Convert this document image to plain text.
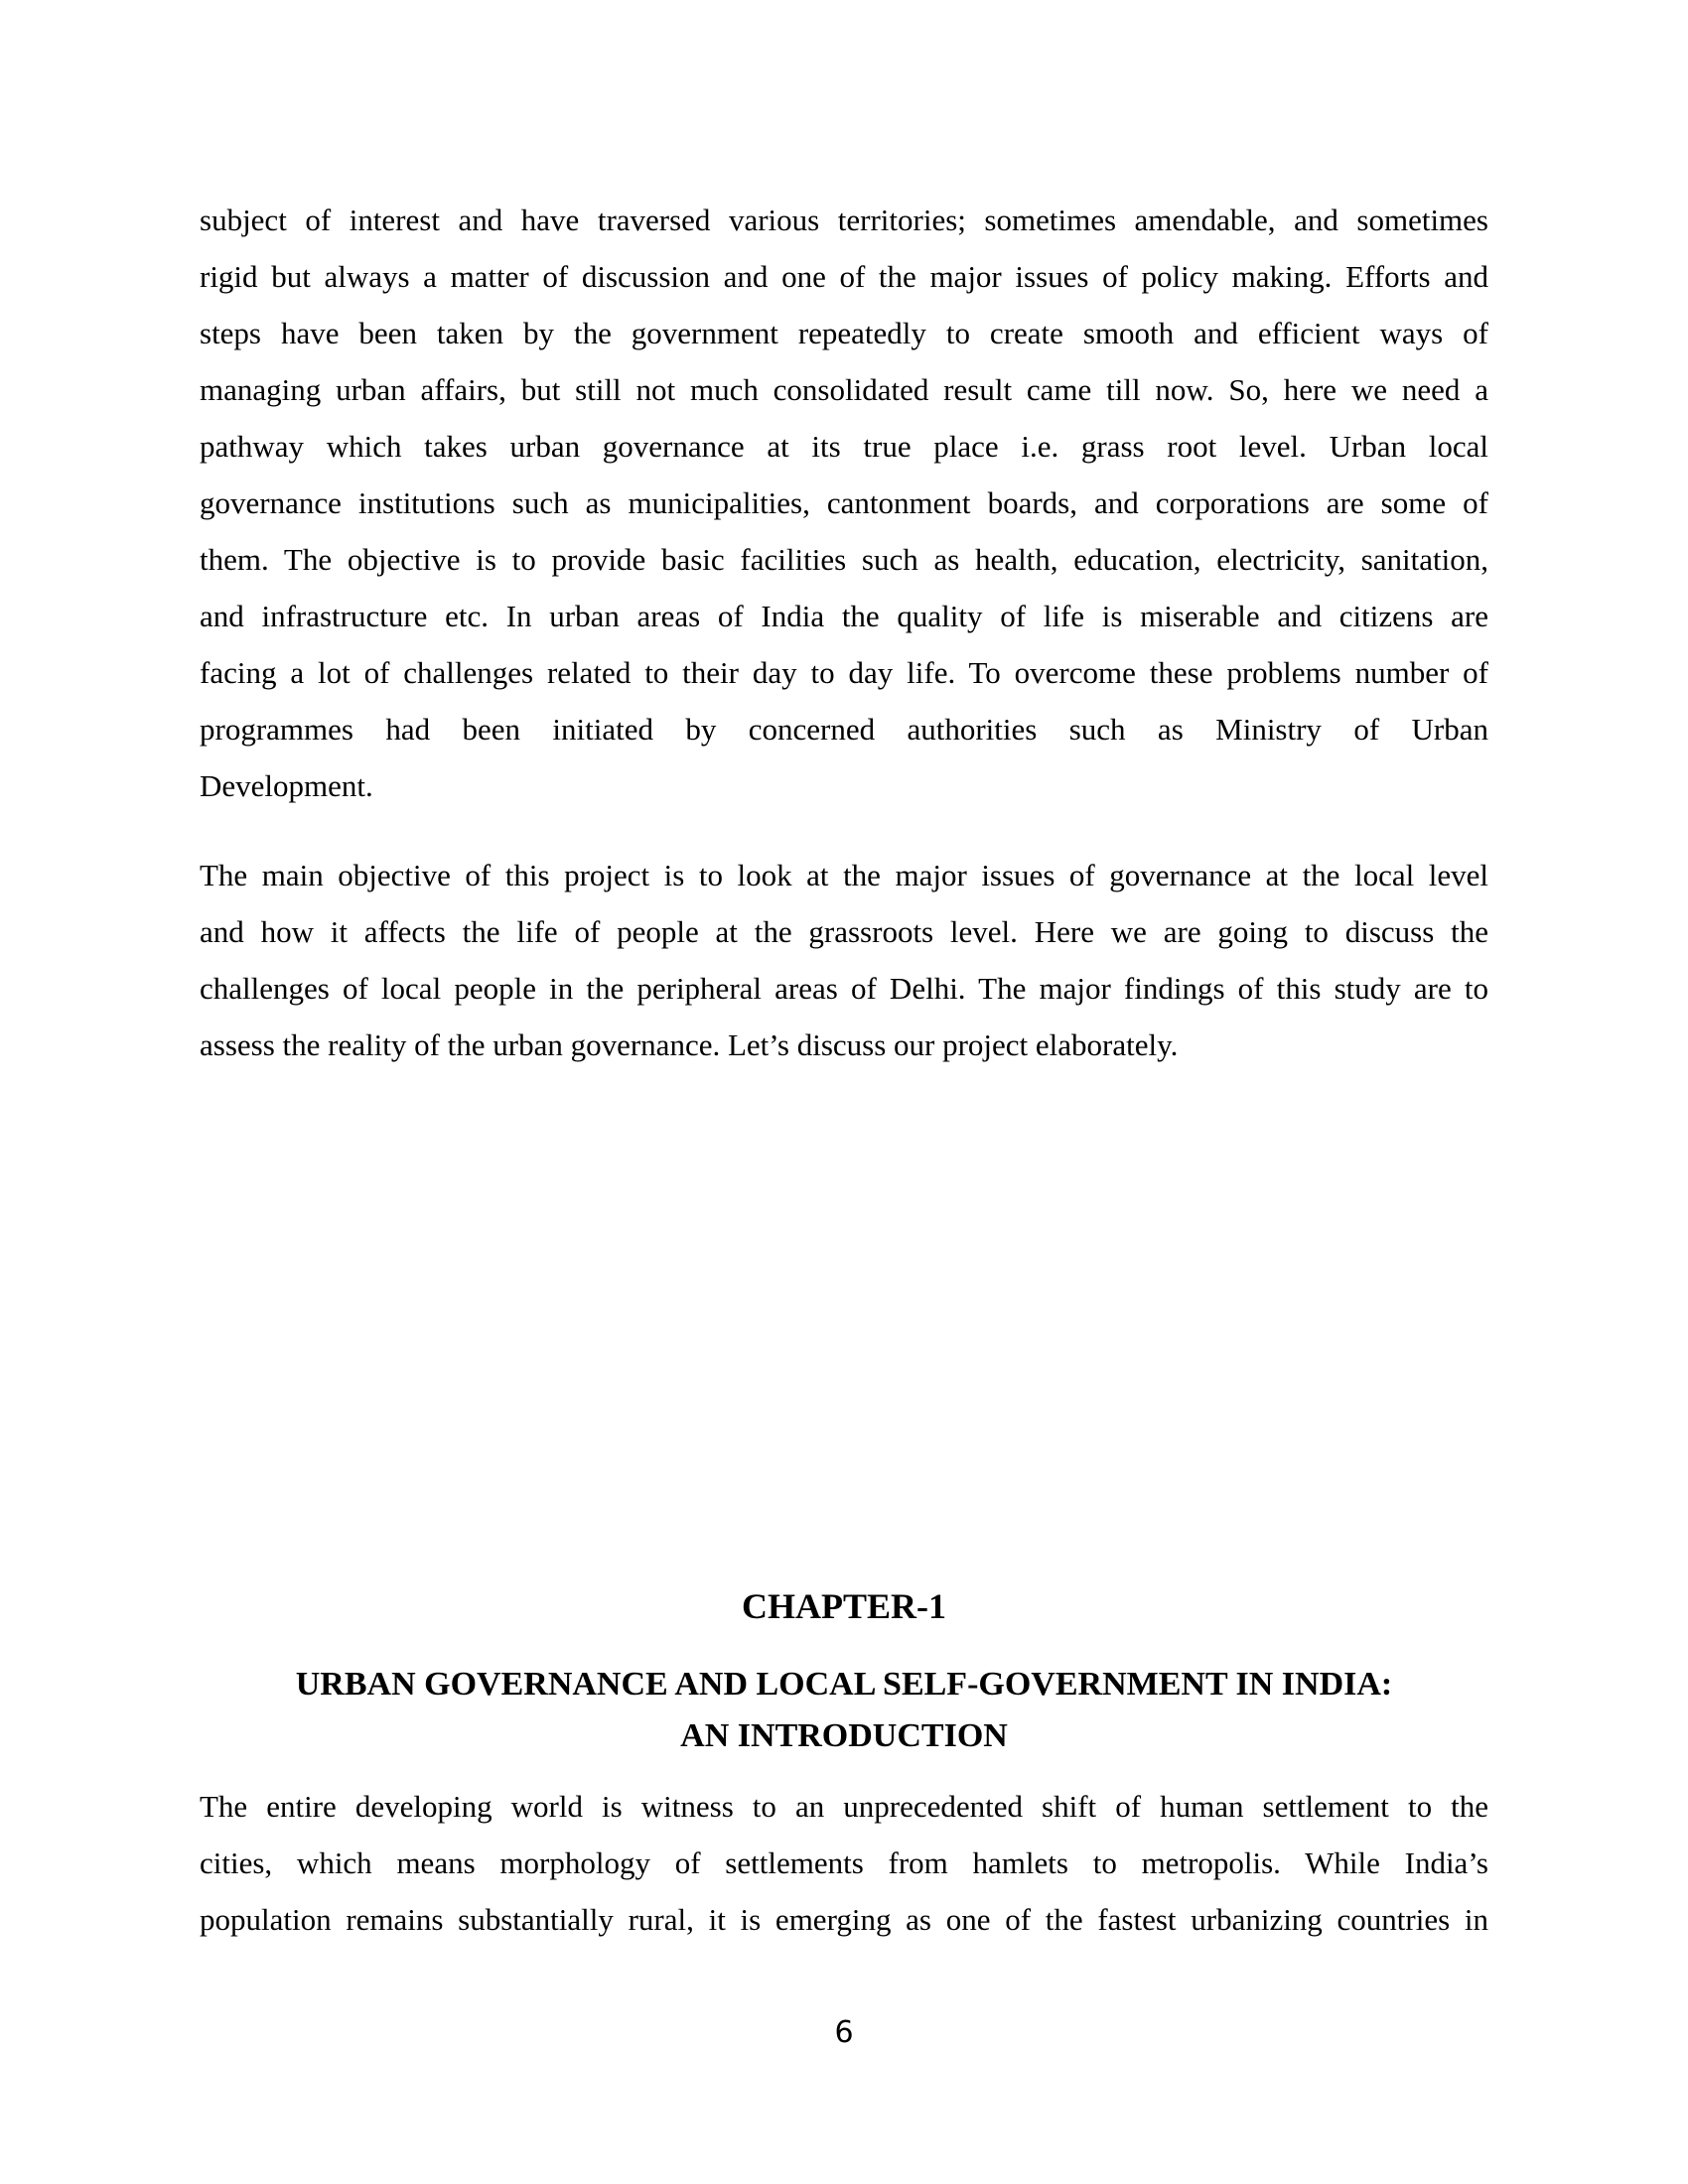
subject of interest and have traversed various territories; sometimes amendable, and sometimes
rigid but always a matter of discussion and one of the major issues of policy making. Efforts and
steps have been taken by the government repeatedly to create smooth and efficient ways of
managing urban affairs, but still not much consolidated result came till now. So, here we need a
pathway which takes urban governance at its true place i.e. grass root level. Urban local
governance institutions such as municipalities, cantonment boards, and corporations are some of
them. The objective is to provide basic facilities such as health, education, electricity, sanitation,
and infrastructure etc. In urban areas of India the quality of life is miserable and citizens are
facing a lot of challenges related to their day to day life. To overcome these problems number of
programmes had been initiated by concerned authorities such as Ministry of Urban
Development.
The main objective of this project is to look at the major issues of governance at the local level
and how it affects the life of people at the grassroots level. Here we are going to discuss the
challenges of local people in the peripheral areas of Delhi. The major findings of this study are to
assess the reality of the urban governance. Let’s discuss our project elaborately.
CHAPTER-1
URBAN GOVERNANCE AND LOCAL SELF-GOVERNMENT IN INDIA:
AN INTRODUCTION
The entire developing world is witness to an unprecedented shift of human settlement to the
cities, which means morphology of settlements from hamlets to metropolis. While India’s
population remains substantially rural, it is emerging as one of the fastest urbanizing countries in
6
